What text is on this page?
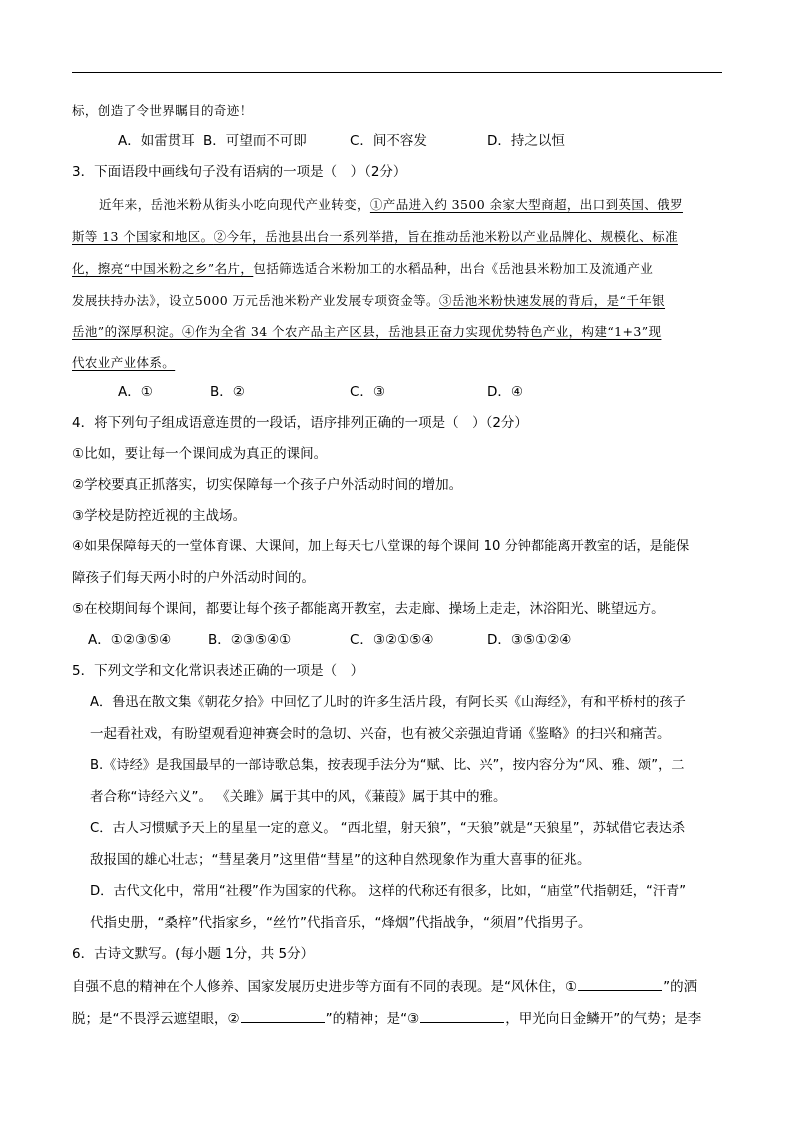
标，创造了令世界瞩目的奇迹！
A．如雷贯耳 B．可望而不可即	C．间不容发	D．持之以恒
3．下面语段中画线句子没有语病的一项是（　）（2分）
近年来，岳池米粉从街头小吃向现代产业转变，①产品进入约 3500 余家大型商超，出口到英国、俄罗
斯等 13 个国家和地区。②今年，岳池县出台一系列举措，旨在推动岳池米粉以产业品牌化、规模化、标准
化，擦亮“中国米粉之乡”名片，包括筛选适合米粉加工的水稻品种，出台《岳池县米粉加工及流通产业
发展扶持办法》，设立5000 万元岳池米粉产业发展专项资金等。③岳池米粉快速发展的背后，是“千年银
岳池”的深厚积淀。④作为全省 34 个农产品主产区县，岳池县正奋力实现优势特色产业，构建“1+3”现
代农业产业体系。
A．①	B．②	C．③	D．④
4．将下列句子组成语意连贯的一段话，语序排列正确的一项是（　）（2分）
①比如，要让每一个课间成为真正的课间。
②学校要真正抓落实，切实保障每一个孩子户外活动时间的增加。
③学校是防控近视的主战场。
④如果保障每天的一堂体育课、大课间，加上每天七八堂课的每个课间 10 分钟都能离开教室的话，是能保
障孩子们每天两小时的户外活动时间的。
⑤在校期间每个课间，都要让每个孩子都能离开教室，去走廊、操场上走走，沐浴阳光、眺望远方。
A．①②③⑤④	B．②③⑤④①	C．③②①⑤④	D．③⑤①②④
5．下列文学和文化常识表述正确的一项是（　）
A．鲁迅在散文集《朝花夕拾》中回忆了儿时的许多生活片段，有阿长买《山海经》，有和平桥村的孩子
一起看社戏，有盼望观看迎神赛会时的急切、兴奋，也有被父亲强迫背诵《鉴略》的扫兴和痛苦。
B.《诗经》是我国最早的一部诗歌总集，按表现手法分为“赋、比、兴”，按内容分为“风、雅、颂”，二
者合称“诗经六义”。 《关雎》属于其中的风，《蒹葭》属于其中的雅。
C．古人习惯赋予天上的星星一定的意义。 “西北望，射天狼”，“天狼”就是“天狼星”，苏轼借它表达杀
敌报国的雄心壮志；“彗星袭月”这里借“彗星”的这种自然现象作为重大喜事的征兆。
D．古代文化中，常用“社稷”作为国家的代称。 这样的代称还有很多，比如，“庙堂”代指朝廷，“汗青”
代指史册，“桑梓”代指家乡，“丝竹”代指音乐，“烽烟”代指战争，“须眉”代指男子。
6．古诗文默写。(每小题 1分，共 5分）
自强不息的精神在个人修养、国家发展历史进步等方面有不同的表现。是“风休住，①	”的洒
脱；是“不畏浮云遮望眼，②	”的精神；是“③	，甲光向日金鳞开”的气势；是李
